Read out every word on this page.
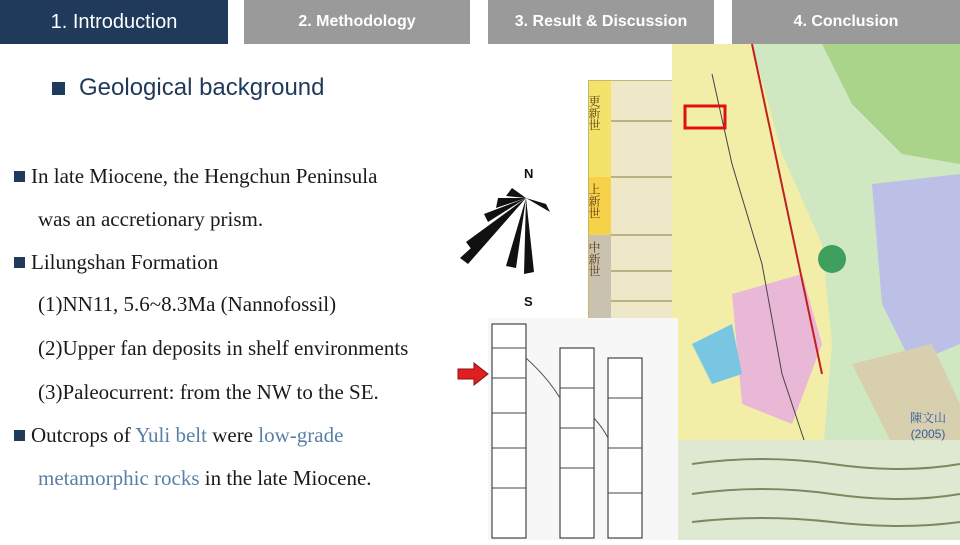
1. Introduction	2. Methodology	3. Result & Discussion	4. Conclusion
Geological background
In late Miocene, the Hengchun Peninsula
was an accretionary prism.
Lilungshan Formation
(1)NN11, 5.6~8.3Ma (Nannofossil)
(2)Upper fan deposits in shelf environments
(3)Paleocurrent: from the NW to the SE.
Outcrops of Yuli belt were low-grade
metamorphic rocks in the late Miocene.
N
S
更新世
上新世
中新世
陳文山
(2005)
